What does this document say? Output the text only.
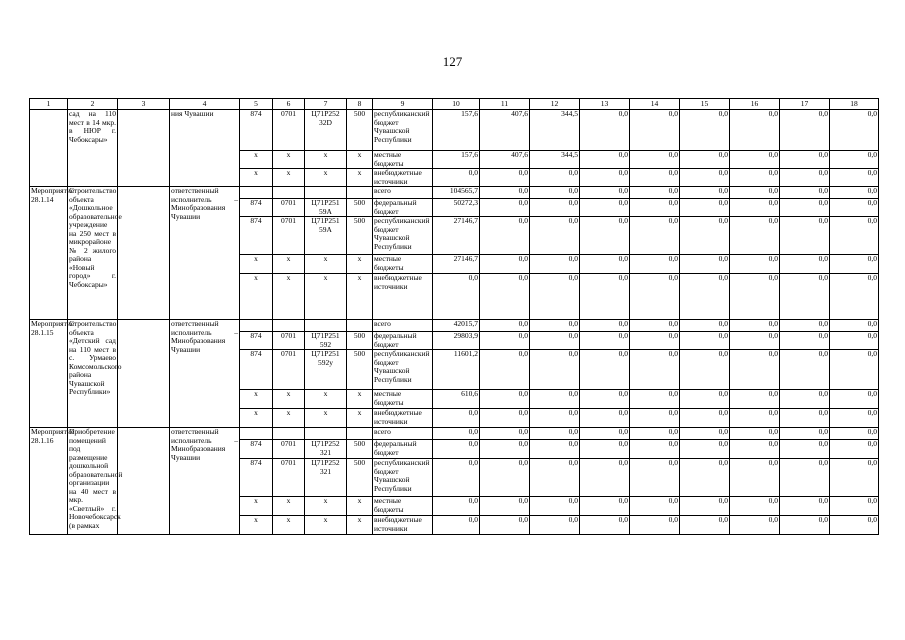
127
1	2	3	4	5	6	7	8	9	10	11	12	13	14	15	16	17	18
	сад на 110 мест в 14 мкр. в НЮР г. Чебоксары»		ния Чувашии	874	0701	Ц71P252 32D	500	республиканский бюджет Чувашской Республики	157,6	407,6	344,5	0,0	0,0	0,0	0,0	0,0	0,0
				x	x	x	x	местные бюджеты	157,6	407,6	344,5	0,0	0,0	0,0	0,0	0,0	0,0
				x	x	x	x	внебюджетные источники	0,0	0,0	0,0	0,0	0,0	0,0	0,0	0,0	0,0
Мероприятие 28.1.14	Строительство объекта «Дошкольное образовательное учреждение на 250 мест в микрорайоне № 2 жилого района «Новый город» г. Чебоксары»		ответственный исполнитель – Минобразования Чувашии					всего	104565,7	0,0	0,0	0,0	0,0	0,0	0,0	0,0	0,0
				874	0701	Ц71P251 59A	500	федеральный бюджет	50272,3	0,0	0,0	0,0	0,0	0,0	0,0	0,0	0,0
				874	0701	Ц71P251 59A	500	республиканский бюджет Чувашской Республики	27146,7	0,0	0,0	0,0	0,0	0,0	0,0	0,0	0,0
				x	x	x	x	местные бюджеты	27146,7	0,0	0,0	0,0	0,0	0,0	0,0	0,0	0,0
				x	x	x	x	внебюджетные источники	0,0	0,0	0,0	0,0	0,0	0,0	0,0	0,0	0,0
Мероприятие 28.1.15	Строительство объекта «Детский сад на 110 мест в с. Урмаево Комсомольского района Чувашской Республики»		ответственный исполнитель – Минобразования Чувашии					всего	42015,7	0,0	0,0	0,0	0,0	0,0	0,0	0,0	0,0
				874	0701	Ц71P251 592	500	федеральный бюджет	29803,9	0,0	0,0	0,0	0,0	0,0	0,0	0,0	0,0
				874	0701	Ц71P251 592у	500	республиканский бюджет Чувашской Республики	11601,2	0,0	0,0	0,0	0,0	0,0	0,0	0,0	0,0
				x	x	x	x	местные бюджеты	610,6	0,0	0,0	0,0	0,0	0,0	0,0	0,0	0,0
				x	x	x	x	внебюджетные источники	0,0	0,0	0,0	0,0	0,0	0,0	0,0	0,0	0,0
Мероприятие 28.1.16	Приобретение помещений под размещение дошкольной образовательной организации на 40 мест в мкр. «Светлый» г. Новочебоксарск (в рамках		ответственный исполнитель – Минобразования Чувашии					всего	0,0	0,0	0,0	0,0	0,0	0,0	0,0	0,0	0,0
				874	0701	Ц71P252 321	500	федеральный бюджет	0,0	0,0	0,0	0,0	0,0	0,0	0,0	0,0	0,0
				874	0701	Ц71P252 321	500	республиканский бюджет Чувашской Республики	0,0	0,0	0,0	0,0	0,0	0,0	0,0	0,0	0,0
				x	x	x	x	местные бюджеты	0,0	0,0	0,0	0,0	0,0	0,0	0,0	0,0	0,0
				x	x	x	x	внебюджетные источники	0,0	0,0	0,0	0,0	0,0	0,0	0,0	0,0	0,0
